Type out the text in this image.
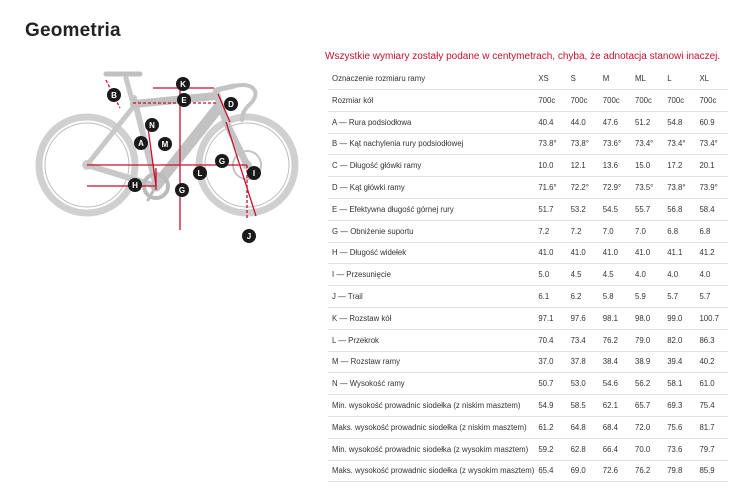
Geometria
Wszystkie wymiary zostały podane w centymetrach, chyba, że adnotacja stanowi inaczej.
B
K
E	D
N
A M
G
L	I
H
G
J
Oznaczenie rozmiaru ramy	XS	S	M	ML	L	XL
Rozmiar kół	700c	700c	700c	700c	700c	700c
A — Rura podsiodłowa	40.4	44.0	47.6	51.2	54.8	60.9
B — Kąt nachylenia rury podsiodłowej	73.8°	73.8°	73.6°	73.4°	73.4°	73.4°
C — Długość główki ramy	10.0	12.1	13.6	15.0	17.2	20.1
D — Kąt główki ramy	71.6°	72.2°	72.9°	73.5°	73.8°	73.9°
E — Efektywna długość górnej rury	51.7	53.2	54.5	55.7	56.8	58.4
G — Obniżenie suportu	7.2	7.2	7.0	7.0	6.8	6.8
H — Długość widełek	41.0	41.0	41.0	41.0	41.1	41.2
I — Przesunięcie	5.0	4.5	4.5	4.0	4.0	4.0
J — Trail	6.1	6.2	5.8	5.9	5.7	5.7
K — Rozstaw kół	97.1	97.6	98.1	98.0	99.0	100.7
L — Przekrok	70.4	73.4	76.2	79.0	82.0	86.3
M — Rozstaw ramy	37.0	37.8	38.4	38.9	39.4	40.2
N — Wysokość ramy	50.7	53.0	54.6	56.2	58.1	61.0
Min. wysokość prowadnic siodełka (z niskim masztem)	54.9	58.5	62.1	65.7	69.3	75.4
Maks. wysokość prowadnic siodełka (z niskim masztem)	61.2	64.8	68.4	72.0	75.6	81.7
Min. wysokość prowadnic siodełka (z wysokim masztem)	59.2	62.8	66.4	70.0	73.6	79.7
Maks. wysokość prowadnic siodełka (z wysokim masztem)	65.4	69.0	72.6	76.2	79.8	85.9
